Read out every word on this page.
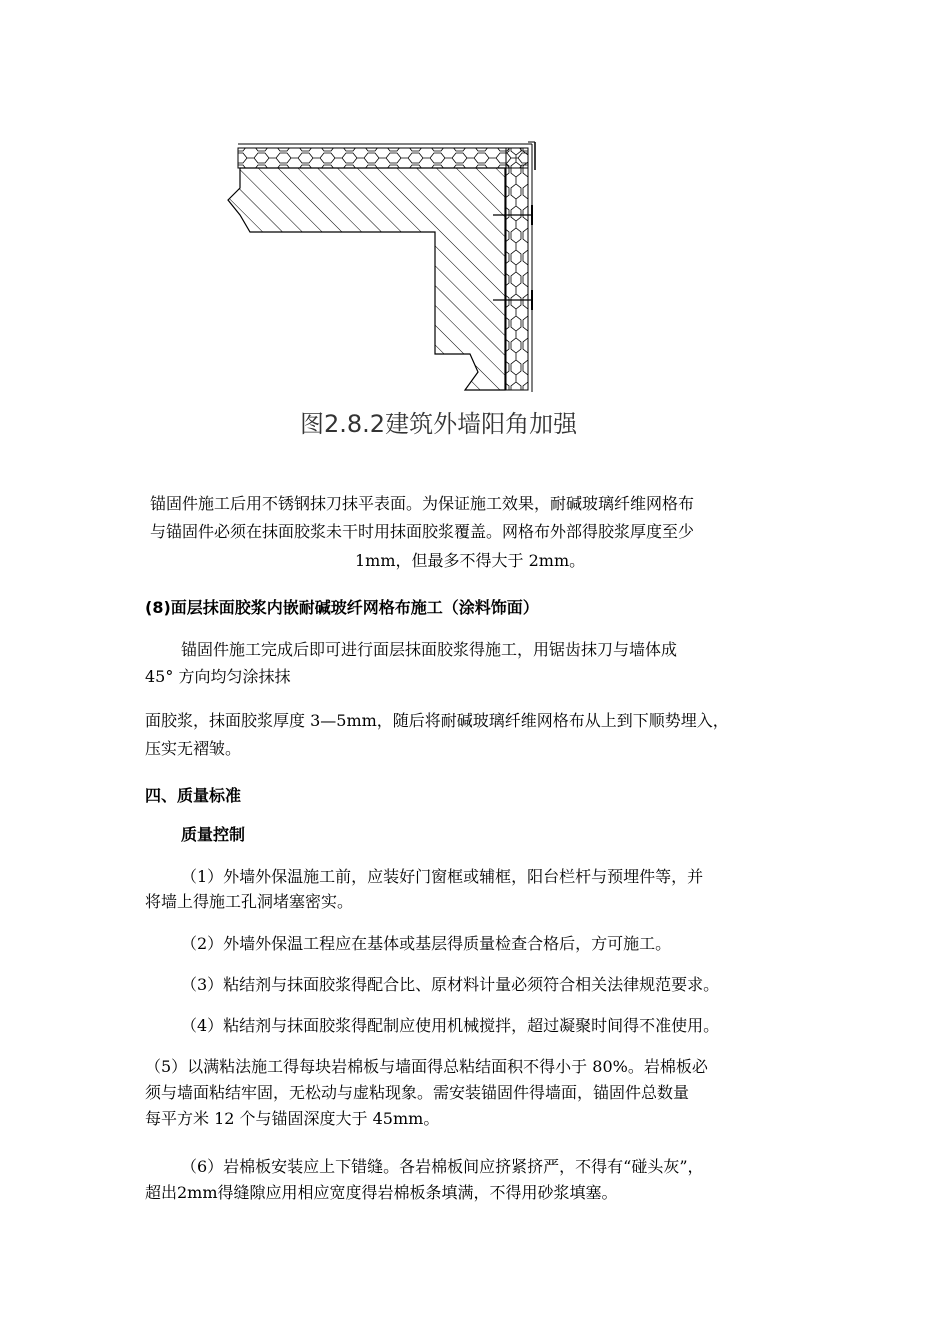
图2.8.2建筑外墙阳角加强

锚固件施工后用不锈钢抹刀抹平表面。为保证施工效果，耐碱玻璃纤维网格布

与锚固件必须在抹面胶浆未干时用抹面胶浆覆盖。网格布外部得胶浆厚度至少

1mm，但最多不得大于 2mm。

(8)面层抹面胶浆内嵌耐碱玻纤网格布施工（涂料饰面）

锚固件施工完成后即可进行面层抹面胶浆得施工，用锯齿抹刀与墙体成

45° 方向均匀涂抹抹

面胶浆，抹面胶浆厚度 3—5mm，随后将耐碱玻璃纤维网格布从上到下顺势埋入，

压实无褶皱。

四、质量标准

质量控制

（1）外墙外保温施工前，应装好门窗框或辅框，阳台栏杆与预埋件等，并

将墙上得施工孔洞堵塞密实。

（2）外墙外保温工程应在基体或基层得质量检查合格后，方可施工。

（3）粘结剂与抹面胶浆得配合比、原材料计量必须符合相关法律规范要求。

（4）粘结剂与抹面胶浆得配制应使用机械搅拌，超过凝聚时间得不准使用。

（5）以满粘法施工得每块岩棉板与墙面得总粘结面积不得小于 80%。岩棉板必

须与墙面粘结牢固，无松动与虚粘现象。需安装锚固件得墙面，锚固件总数量

每平方米 12 个与锚固深度大于 45mm。

（6）岩棉板安装应上下错缝。各岩棉板间应挤紧挤严，不得有“碰头灰”，

超出2mm得缝隙应用相应宽度得岩棉板条填满，不得用砂浆填塞。
